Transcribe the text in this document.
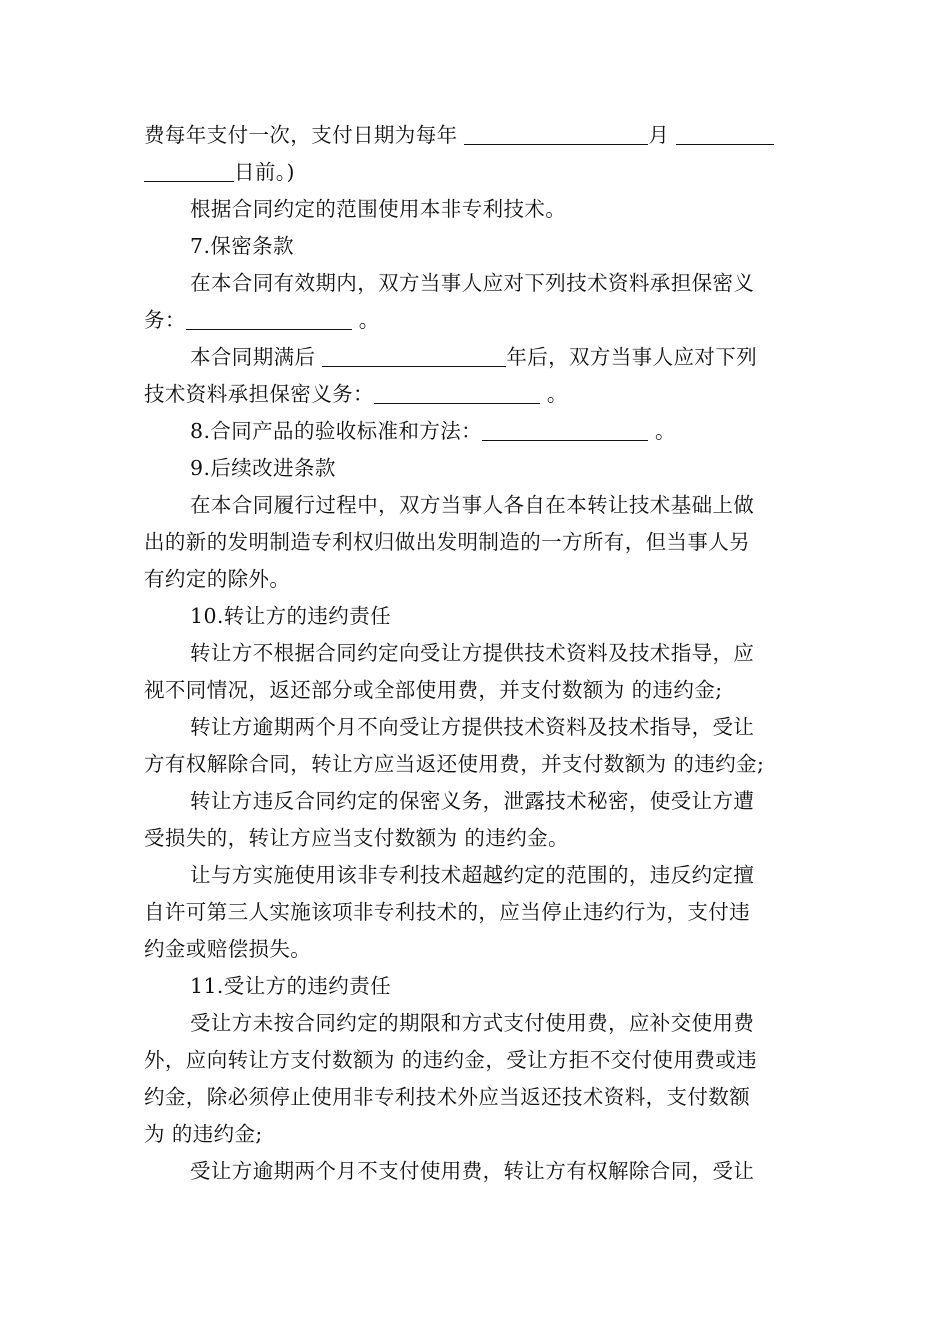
费每年支付一次，支付日期为每年	月
日前。)
根据合同约定的范围使用本非专利技术。
7.保密条款
在本合同有效期内，双方当事人应对下列技术资料承担保密义
务：	。
本合同期满后	年后，双方当事人应对下列
技术资料承担保密义务：	。
8.合同产品的验收标准和方法：	。
9.后续改进条款
在本合同履行过程中，双方当事人各自在本转让技术基础上做
出的新的发明制造专利权归做出发明制造的一方所有，但当事人另
有约定的除外。
10.转让方的违约责任
转让方不根据合同约定向受让方提供技术资料及技术指导，应
视不同情况，返还部分或全部使用费，并支付数额为 的违约金;
转让方逾期两个月不向受让方提供技术资料及技术指导，受让
方有权解除合同，转让方应当返还使用费，并支付数额为 的违约金;
转让方违反合同约定的保密义务，泄露技术秘密，使受让方遭
受损失的，转让方应当支付数额为 的违约金。
让与方实施使用该非专利技术超越约定的范围的，违反约定擅
自许可第三人实施该项非专利技术的，应当停止违约行为，支付违
约金或赔偿损失。
11.受让方的违约责任
受让方未按合同约定的期限和方式支付使用费，应补交使用费
外，应向转让方支付数额为 的违约金，受让方拒不交付使用费或违
约金，除必须停止使用非专利技术外应当返还技术资料，支付数额
为 的违约金;
受让方逾期两个月不支付使用费，转让方有权解除合同，受让
